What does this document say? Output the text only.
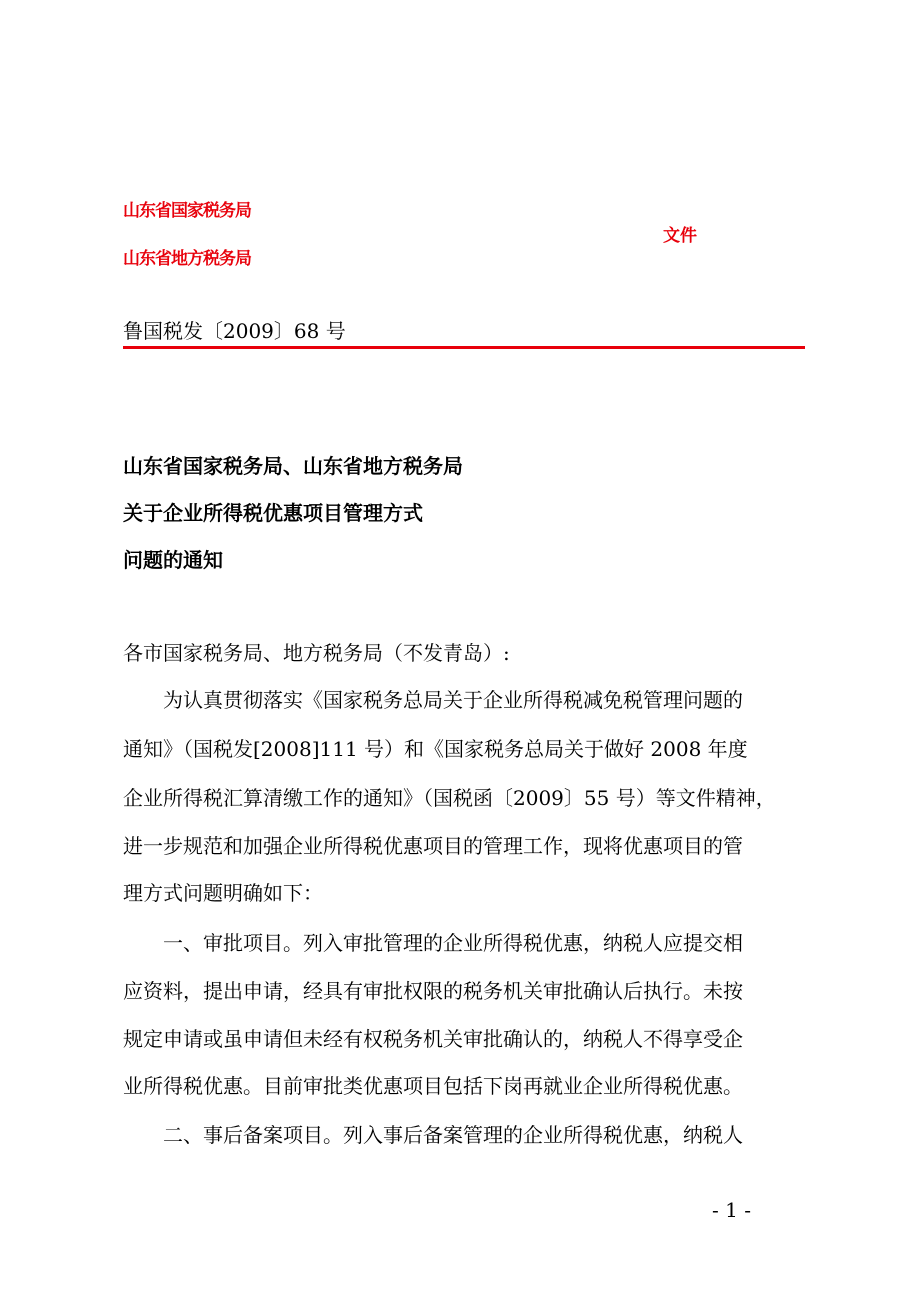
山东省国家税务局
山东省地方税务局
文件
鲁国税发〔2009〕68 号
山东省国家税务局、山东省地方税务局
关于企业所得税优惠项目管理方式
问题的通知
各市国家税务局、地方税务局（不发青岛）:
为认真贯彻落实《国家税务总局关于企业所得税减免税管理问题的
通知》（国税发[2008]111 号）和《国家税务总局关于做好 2008 年度
企业所得税汇算清缴工作的通知》（国税函〔2009〕55 号）等文件精神，
进一步规范和加强企业所得税优惠项目的管理工作，现将优惠项目的管
理方式问题明确如下：
一、审批项目。列入审批管理的企业所得税优惠，纳税人应提交相
应资料，提出申请，经具有审批权限的税务机关审批确认后执行。未按
规定申请或虽申请但未经有权税务机关审批确认的，纳税人不得享受企
业所得税优惠。目前审批类优惠项目包括下岗再就业企业所得税优惠。
二、事后备案项目。列入事后备案管理的企业所得税优惠，纳税人
- 1 -
